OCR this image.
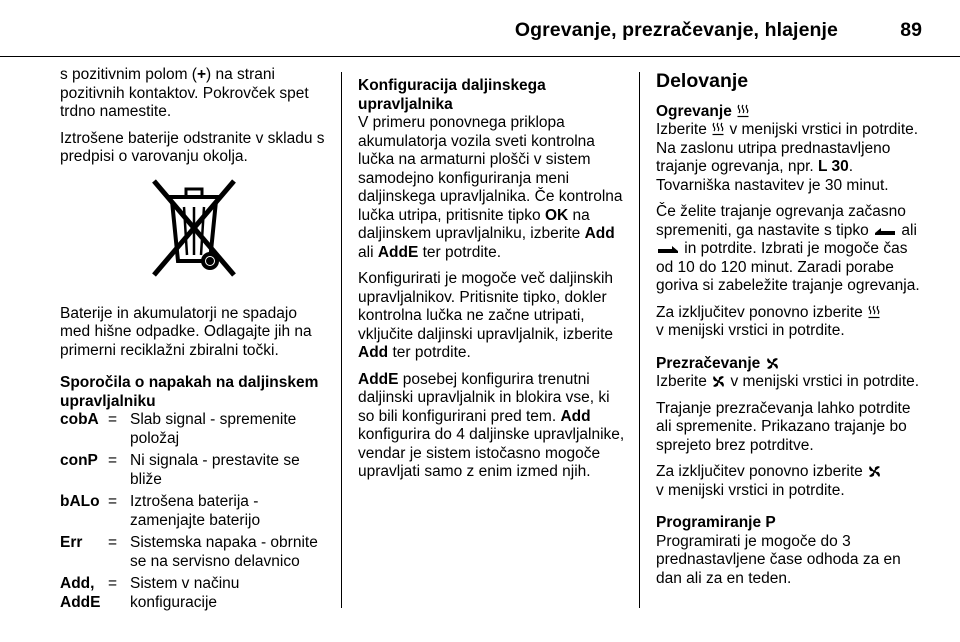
Ogrevanje, prezračevanje, hlajenje	89

s pozitivnim polom (+) na strani pozitivnih kontaktov. Pokrovček spet trdno namestite.

Iztrošene baterije odstranite v skladu s predpisi o varovanju okolja.

Baterije in akumulatorji ne spadajo med hišne odpadke. Odlagajte jih na primerni reciklažni zbiralni točki.

Sporočila o napakah na daljinskem upravljalniku
cobA	=	Slab signal - spremenite položaj
conP	=	Ni signala - prestavite se bliže
bALo	=	Iztrošena baterija - zamenjajte baterijo
Err	=	Sistemska napaka - obrnite se na servisno delavnico
Add, AddE	=	Sistem v načinu konfiguracije
Konfiguracija daljinskega upravljalnika

V primeru ponovnega priklopa akumulatorja vozila sveti kontrolna lučka na armaturni plošči v sistem samodejno konfiguriranja meni daljinskega upravljalnika. Če kontrolna lučka utripa, pritisnite tipko OK na daljinskem upravljalniku, izberite Add ali AddE ter potrdite.

Konfigurirati je mogoče več daljinskih upravljalnikov. Pritisnite tipko, dokler kontrolna lučka ne začne utripati, vključite daljinski upravljalnik, izberite Add ter potrdite.

AddE posebej konfigurira trenutni daljinski upravljalnik in blokira vse, ki so bili konfigurirani pred tem. Add konfigurira do 4 daljinske upravljalnike, vendar je sistem istočasno mogoče upravljati samo z enim izmed njih.

Delovanje
Ogrevanje

Izberite  v menijski vrstici in potrdite. Na zaslonu utripa prednastavljeno trajanje ogrevanja, npr. L 30. Tovarniška nastavitev je 30 minut.

Če želite trajanje ogrevanja začasno spremeniti, ga nastavite s tipko  ali
in potrdite. Izbrati je mogoče čas od 10 do 120 minut. Zaradi porabe goriva si zabeležite trajanje ogrevanja.

Za izključitev ponovno izberite
v menijski vrstici in potrdite.

Prezračevanje

Izberite  v menijski vrstici in potrdite.

Trajanje prezračevanja lahko potrdite ali spremenite. Prikazano trajanje bo sprejeto brez potrditve.

Za izključitev ponovno izberite
v menijski vrstici in potrdite.

Programiranje P

Programirati je mogoče do 3 prednastavljene čase odhoda za en dan ali za en teden.
